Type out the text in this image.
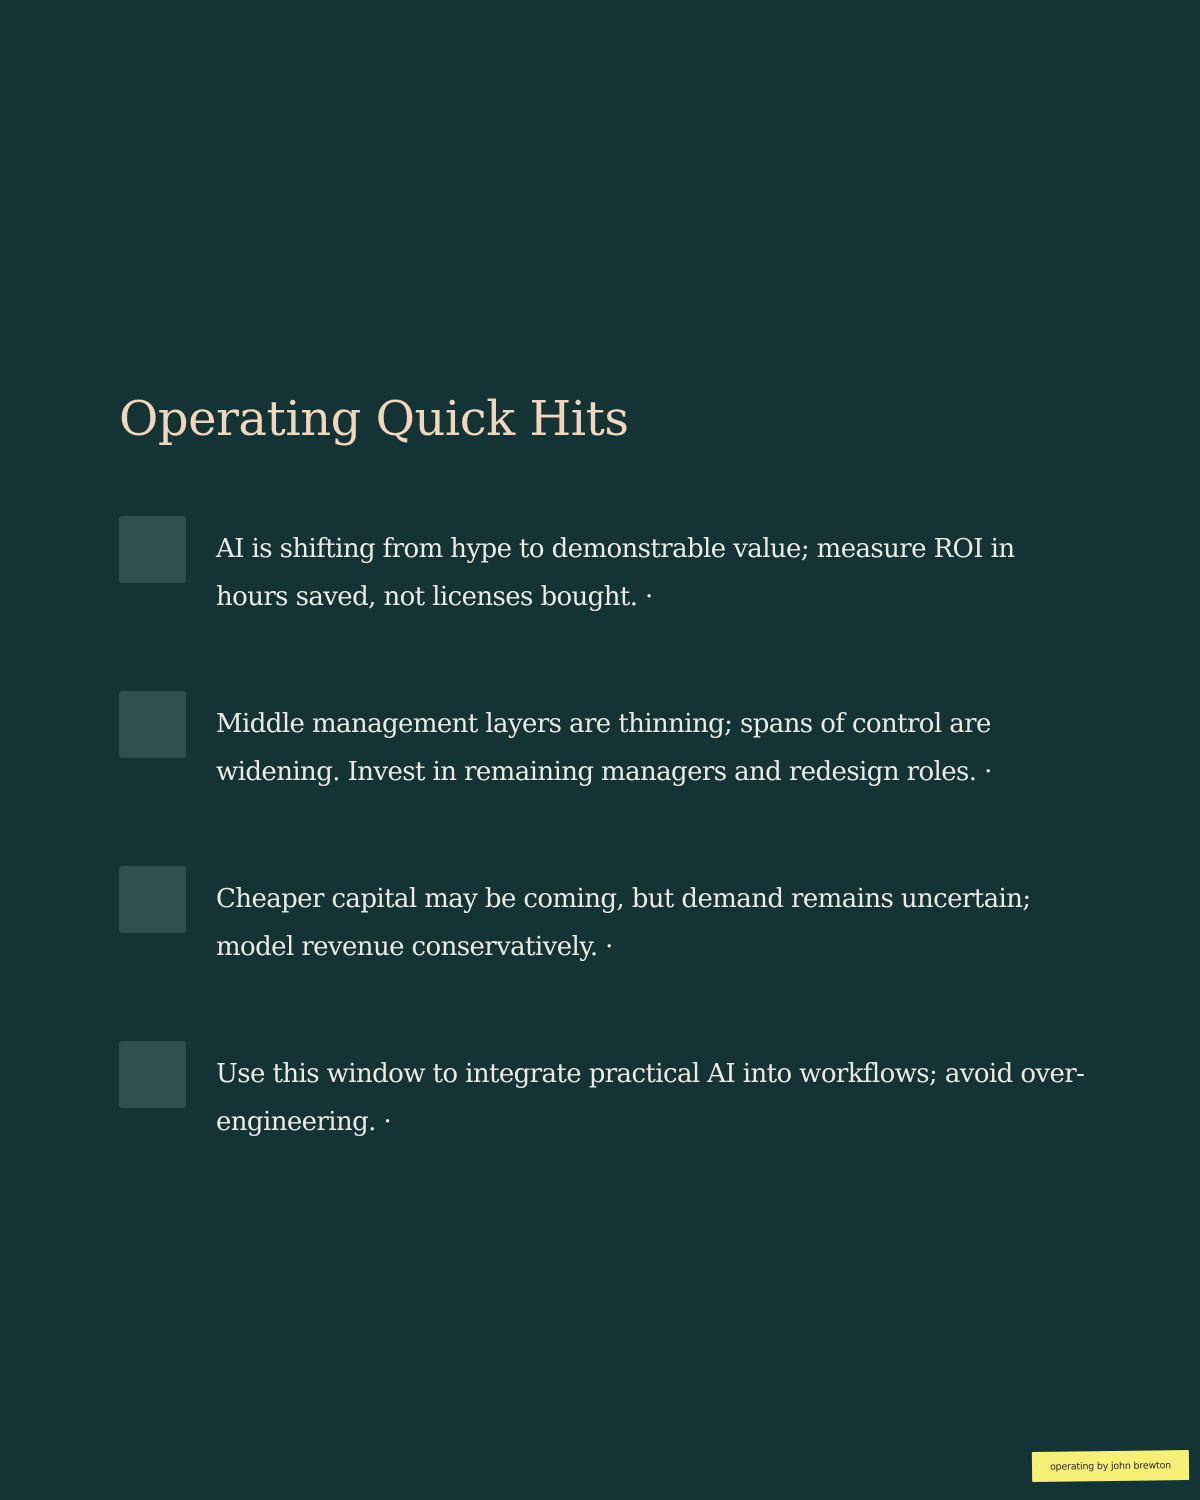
Operating Quick Hits
AI is shifting from hype to demonstrable value; measure ROI in hours saved, not licenses bought. ·
Middle management layers are thinning; spans of control are widening. Invest in remaining managers and redesign roles. ·
Cheaper capital may be coming, but demand remains uncertain; model revenue conservatively. ·
Use this window to integrate practical AI into workflows; avoid over-engineering. ·
operating by john brewton
